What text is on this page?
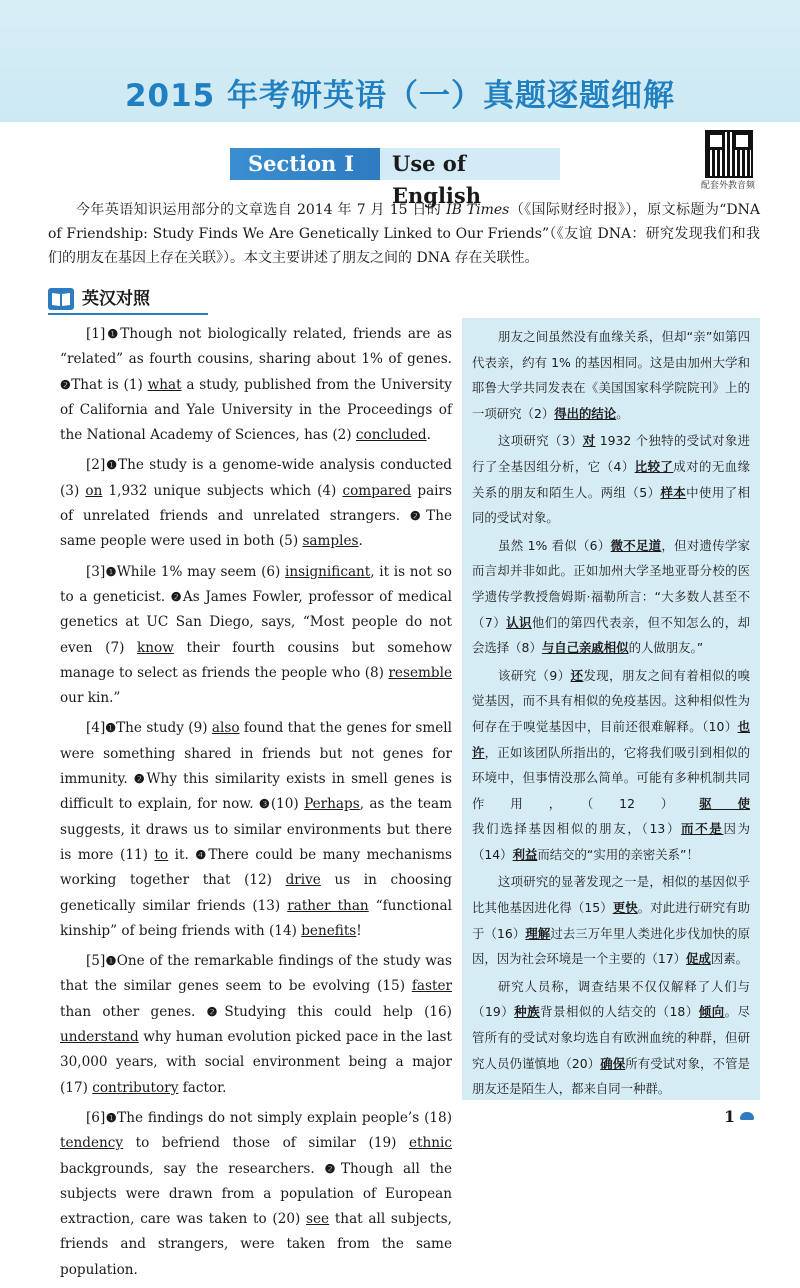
2015 年考研英语（一）真题逐题细解
Section Ⅰ	Use of English	配套外教音频
今年英语知识运用部分的文章选自 2014 年 7 月 15 日的 IB Times（《国际财经时报》），原文标题为“DNA of Friendship: Study Finds We Are Genetically Linked to Our Friends”（《友谊 DNA：研究发现我们和我们的朋友在基因上存在关联》）。本文主要讲述了朋友之间的 DNA 存在关联性。
英汉对照

[1]❶Though not biologically related, friends are as “related” as fourth cousins, sharing about 1% of genes. ❷That is (1) what a study, published from the University of California and Yale University in the Proceedings of the National Academy of Sciences, has (2) concluded.

[2]❶The study is a genome-wide analysis conducted (3) on 1,932 unique subjects which (4) compared pairs of unrelated friends and unrelated strangers. ❷The same people were used in both (5) samples.

[3]❶While 1% may seem (6) insignificant, it is not so to a geneticist. ❷As James Fowler, professor of medical genetics at UC San Diego, says, “Most people do not even (7) know their fourth cousins but somehow manage to select as friends the people who (8) resemble our kin.”

[4]❶The study (9) also found that the genes for smell were something shared in friends but not genes for immunity. ❷Why this similarity exists in smell genes is difficult to explain, for now. ❸(10) Perhaps, as the team suggests, it draws us to similar environments but there is more (11) to it. ❹There could be many mechanisms working together that (12) drive us in choosing genetically similar friends (13) rather than “functional kinship” of being friends with (14) benefits!

[5]❶One of the remarkable findings of the study was that the similar genes seem to be evolving (15) faster than other genes. ❷Studying this could help (16) understand why human evolution picked pace in the last 30,000 years, with social environment being a major (17) contributory factor.

[6]❶The findings do not simply explain people’s (18) tendency to befriend those of similar (19) ethnic backgrounds, say the researchers. ❷Though all the subjects were drawn from a population of European extraction, care was taken to (20) see that all subjects, friends and strangers, were taken from the same population.

朋友之间虽然没有血缘关系，但却“亲”如第四代表亲，约有 1% 的基因相同。这是由加州大学和耶鲁大学共同发表在《美国国家科学院院刊》上的一项研究（2）得出的结论。

这项研究（3）对 1932 个独特的受试对象进行了全基因组分析，它（4）比较了成对的无血缘关系的朋友和陌生人。两组（5）样本中使用了相同的受试对象。

虽然 1% 看似（6）微不足道，但对遗传学家而言却并非如此。正如加州大学圣地亚哥分校的医学遗传学教授詹姆斯·福勒所言：“大多数人甚至不（7）认识他们的第四代表亲，但不知怎么的，却会选择（8）与自己亲戚相似的人做朋友。”

该研究（9）还发现，朋友之间有着相似的嗅觉基因，而不具有相似的免疫基因。这种相似性为何存在于嗅觉基因中，目前还很难解释。（10）也许，正如该团队所指出的，它将我们吸引到相似的环境中，但事情没那么简单。可能有多种机制共同作用，（12）驱使我们选择基因相似的朋友，（13）而不是因为（14）利益而结交的“实用的亲密关系”！

这项研究的显著发现之一是，相似的基因似乎比其他基因进化得（15）更快。对此进行研究有助于（16）理解过去三万年里人类进化步伐加快的原因，因为社会环境是一个主要的（17）促成因素。

研究人员称，调查结果不仅仅解释了人们与（19）种族背景相似的人结交的（18）倾向。尽管所有的受试对象均选自有欧洲血统的种群，但研究人员仍谨慎地（20）确保所有受试对象，不管是朋友还是陌生人，都来自同一种群。

1
